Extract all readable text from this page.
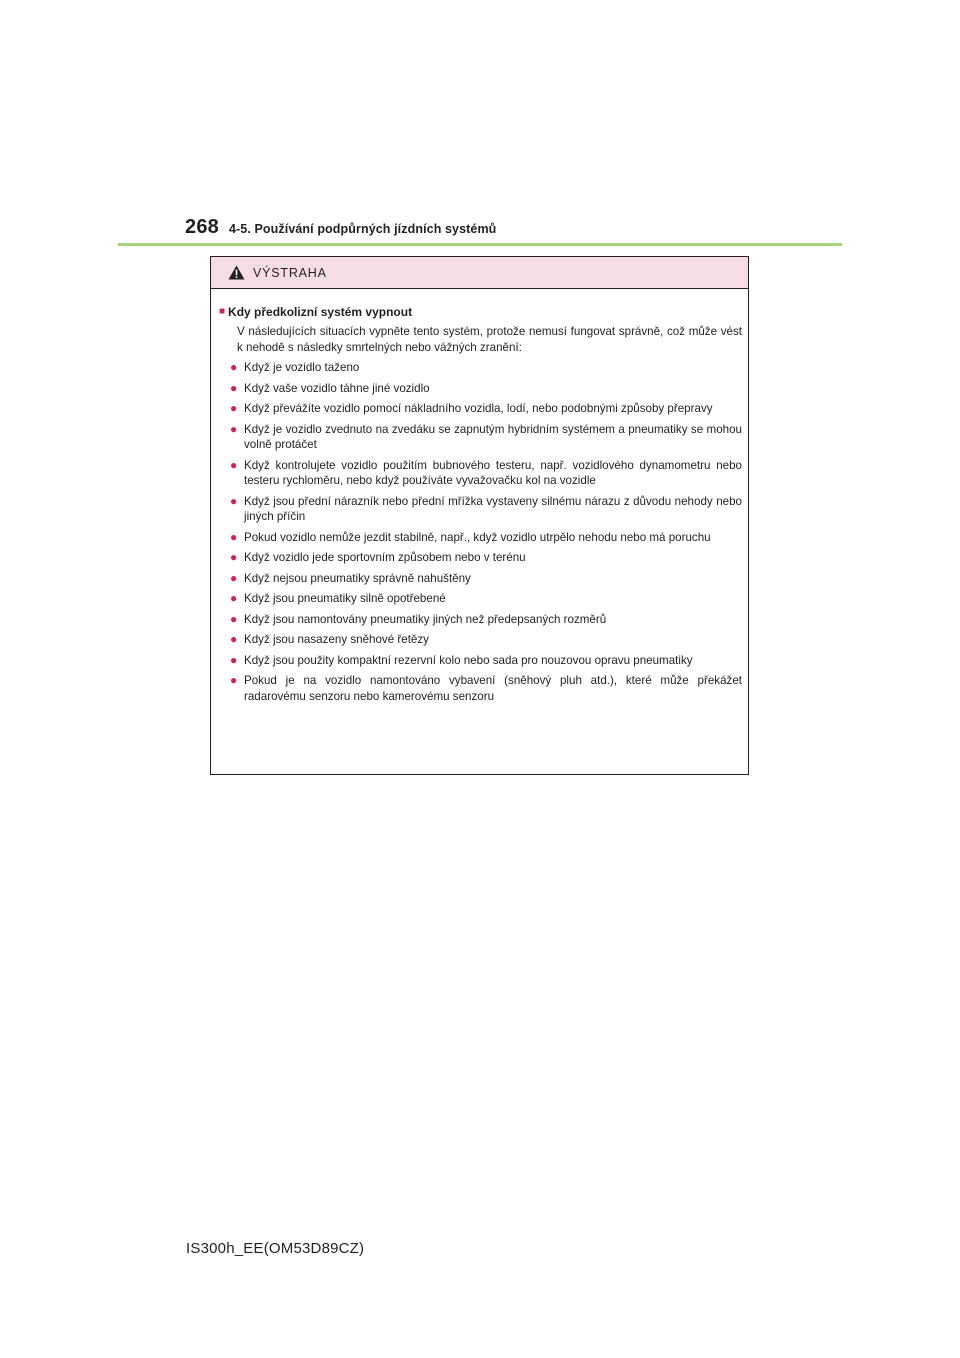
268 4-5. Používání podpůrných jízdních systémů
VÝSTRAHA
■ Kdy předkolizní systém vypnout

V následujících situacích vypněte tento systém, protože nemusí fungovat správně, což může vést k nehodě s následky smrtelných nebo vážných zranění:

● Když je vozidlo taženo
● Když vaše vozidlo táhne jiné vozidlo
● Když převážíte vozidlo pomocí nákladního vozidla, lodí, nebo podobnými způsoby přepravy
● Když je vozidlo zvednuto na zvedáku se zapnutým hybridním systémem a pneumatiky se mohou volně protáčet
● Když kontrolujete vozidlo použitím bubnového testeru, např. vozidlového dynamometru nebo testeru rychloměru, nebo když používáte vyvažovačku kol na vozidle
● Když jsou přední nárazník nebo přední mřížka vystaveny silnému nárazu z důvodu nehody nebo jiných příčin
● Pokud vozidlo nemůže jezdit stabilně, např., když vozidlo utrpělo nehodu nebo má poruchu
● Když vozidlo jede sportovním způsobem nebo v terénu
● Když nejsou pneumatiky správně nahuštěny
● Když jsou pneumatiky silně opotřebené
● Když jsou namontovány pneumatiky jiných než předepsaných rozměrů
● Když jsou nasazeny sněhové řetězy
● Když jsou použity kompaktní rezervní kolo nebo sada pro nouzovou opravu pneumatiky
● Pokud je na vozidlo namontováno vybavení (sněhový pluh atd.), které může překážet radarovému senzoru nebo kamerovému senzoru
IS300h_EE(OM53D89CZ)
